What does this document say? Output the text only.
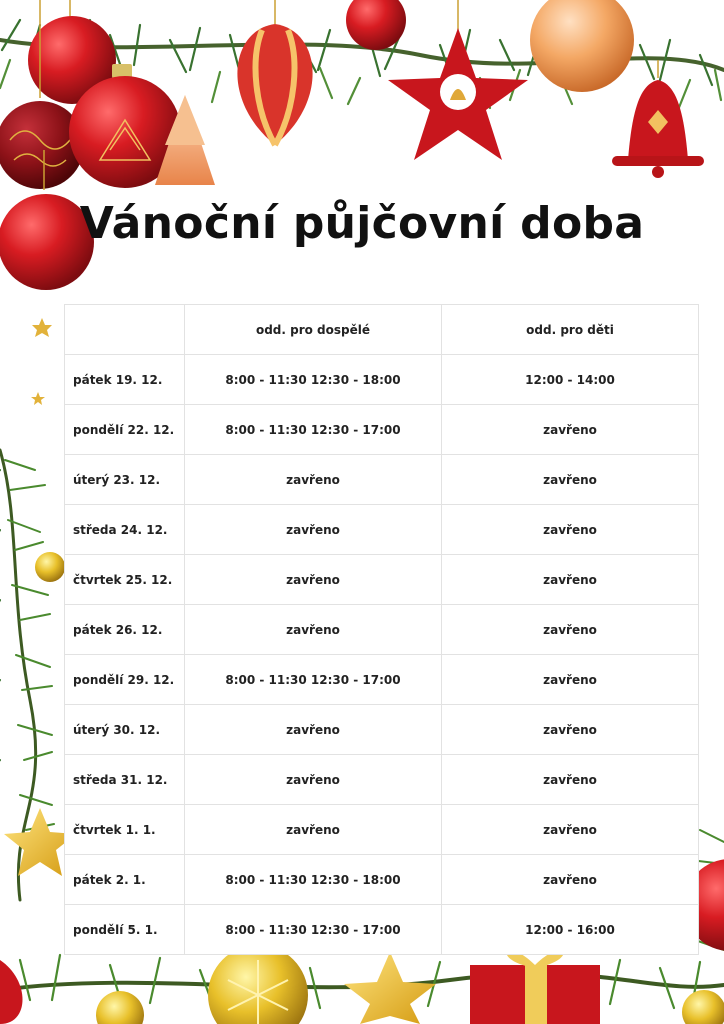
Vánoční půjčovní doba
	odd. pro dospělé	odd. pro děti
pátek 19. 12.	8:00 - 11:30 12:30 - 18:00	12:00 - 14:00
pondělí 22. 12.	8:00 - 11:30 12:30 - 17:00	zavřeno
úterý 23. 12.	zavřeno	zavřeno
středa 24. 12.	zavřeno	zavřeno
čtvrtek 25. 12.	zavřeno	zavřeno
pátek 26. 12.	zavřeno	zavřeno
pondělí 29. 12.	8:00 - 11:30 12:30 - 17:00	zavřeno
úterý 30. 12.	zavřeno	zavřeno
středa 31. 12.	zavřeno	zavřeno
čtvrtek 1. 1.	zavřeno	zavřeno
pátek 2. 1.	8:00 - 11:30 12:30 - 18:00	zavřeno
pondělí 5. 1.	8:00 - 11:30 12:30 - 17:00	12:00 - 16:00
